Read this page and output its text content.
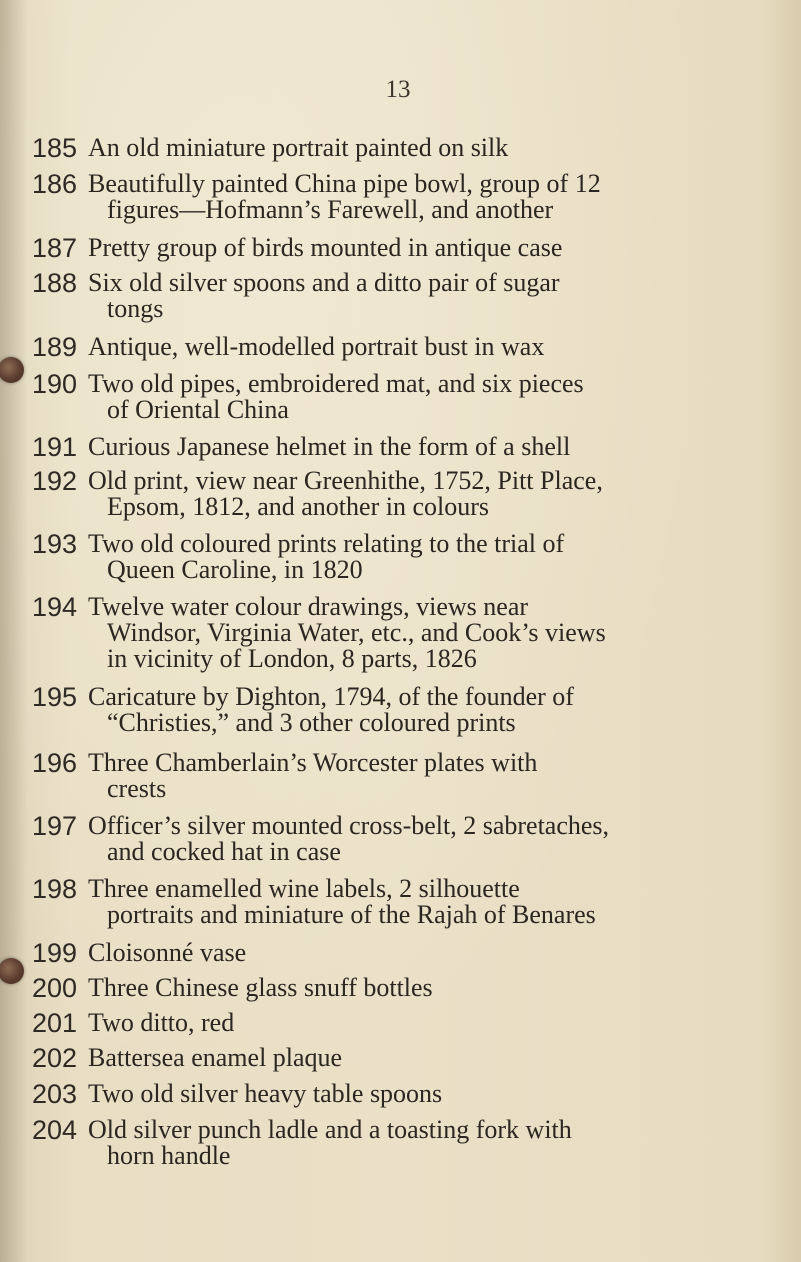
13
185 An old miniature portrait painted on silk
186 Beautifully painted China pipe bowl, group of 12
figures—Hofmann’s Farewell, and another
187 Pretty group of birds mounted in antique case
188 Six old silver spoons and a ditto pair of sugar
tongs
189 Antique, well-modelled portrait bust in wax
190 Two old pipes, embroidered mat, and six pieces
of Oriental China
191 Curious Japanese helmet in the form of a shell
192 Old print, view near Greenhithe, 1752, Pitt Place,
Epsom, 1812, and another in colours
193 Two old coloured prints relating to the trial of
Queen Caroline, in 1820
194 Twelve water colour drawings, views near
Windsor, Virginia Water, etc., and Cook’s views
in vicinity of London, 8 parts, 1826
195 Caricature by Dighton, 1794, of the founder of
“Christies,” and 3 other coloured prints
196 Three Chamberlain’s Worcester plates with
crests
197 Officer’s silver mounted cross-belt, 2 sabretaches,
and cocked hat in case
198 Three enamelled wine labels, 2 silhouette
portraits and miniature of the Rajah of Benares
199 Cloisonné vase
200 Three Chinese glass snuff bottles
201 Two ditto, red
202 Battersea enamel plaque
203 Two old silver heavy table spoons
204 Old silver punch ladle and a toasting fork with
horn handle
